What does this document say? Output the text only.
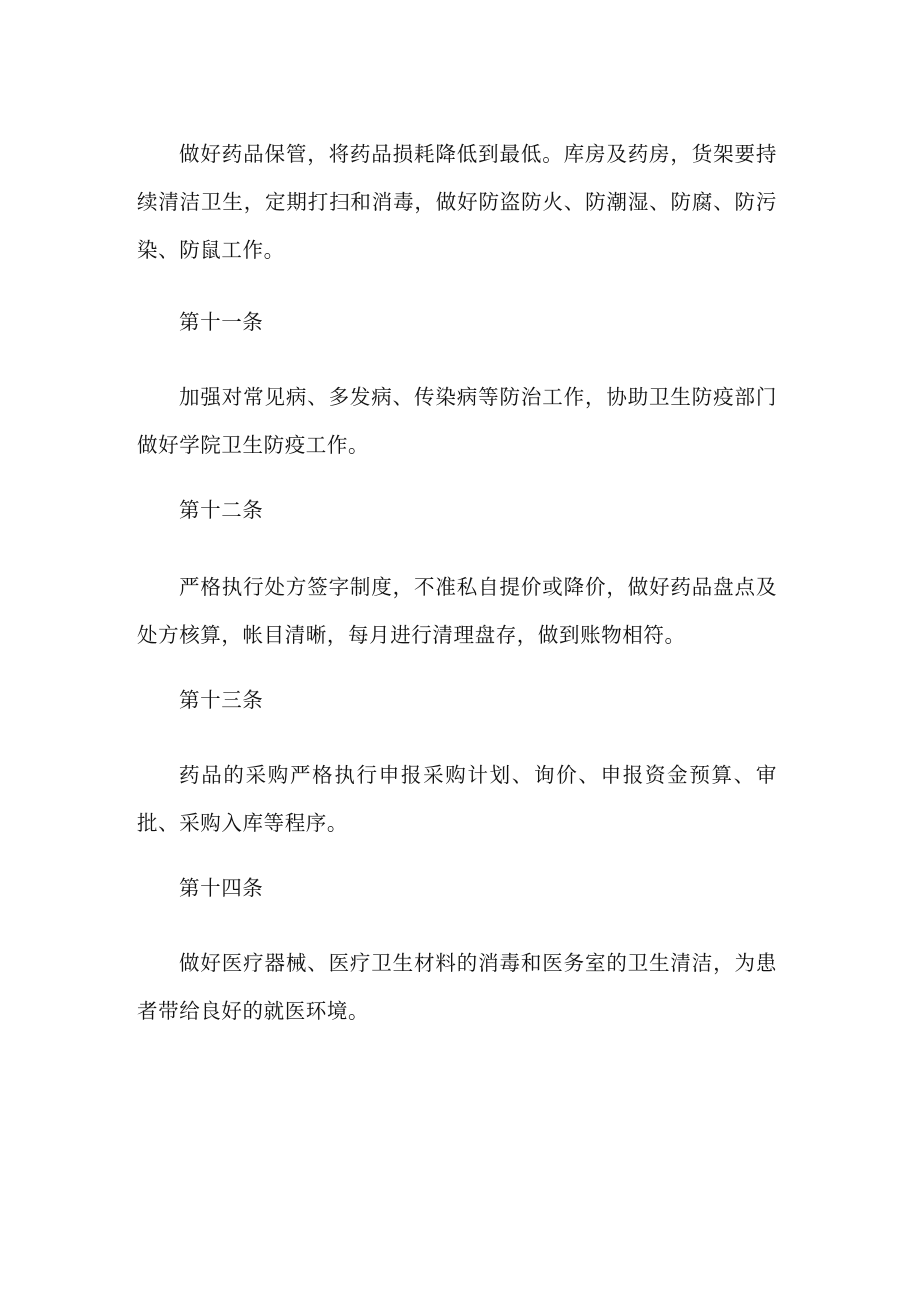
做好药品保管，将药品损耗降低到最低。库房及药房，货架要持续清洁卫生，定期打扫和消毒，做好防盗防火、防潮湿、防腐、防污染、防鼠工作。

第十一条

加强对常见病、多发病、传染病等防治工作，协助卫生防疫部门做好学院卫生防疫工作。

第十二条

严格执行处方签字制度，不准私自提价或降价，做好药品盘点及处方核算，帐目清晰，每月进行清理盘存，做到账物相符。

第十三条

药品的采购严格执行申报采购计划、询价、申报资金预算、审批、采购入库等程序。

第十四条

做好医疗器械、医疗卫生材料的消毒和医务室的卫生清洁，为患者带给良好的就医环境。
